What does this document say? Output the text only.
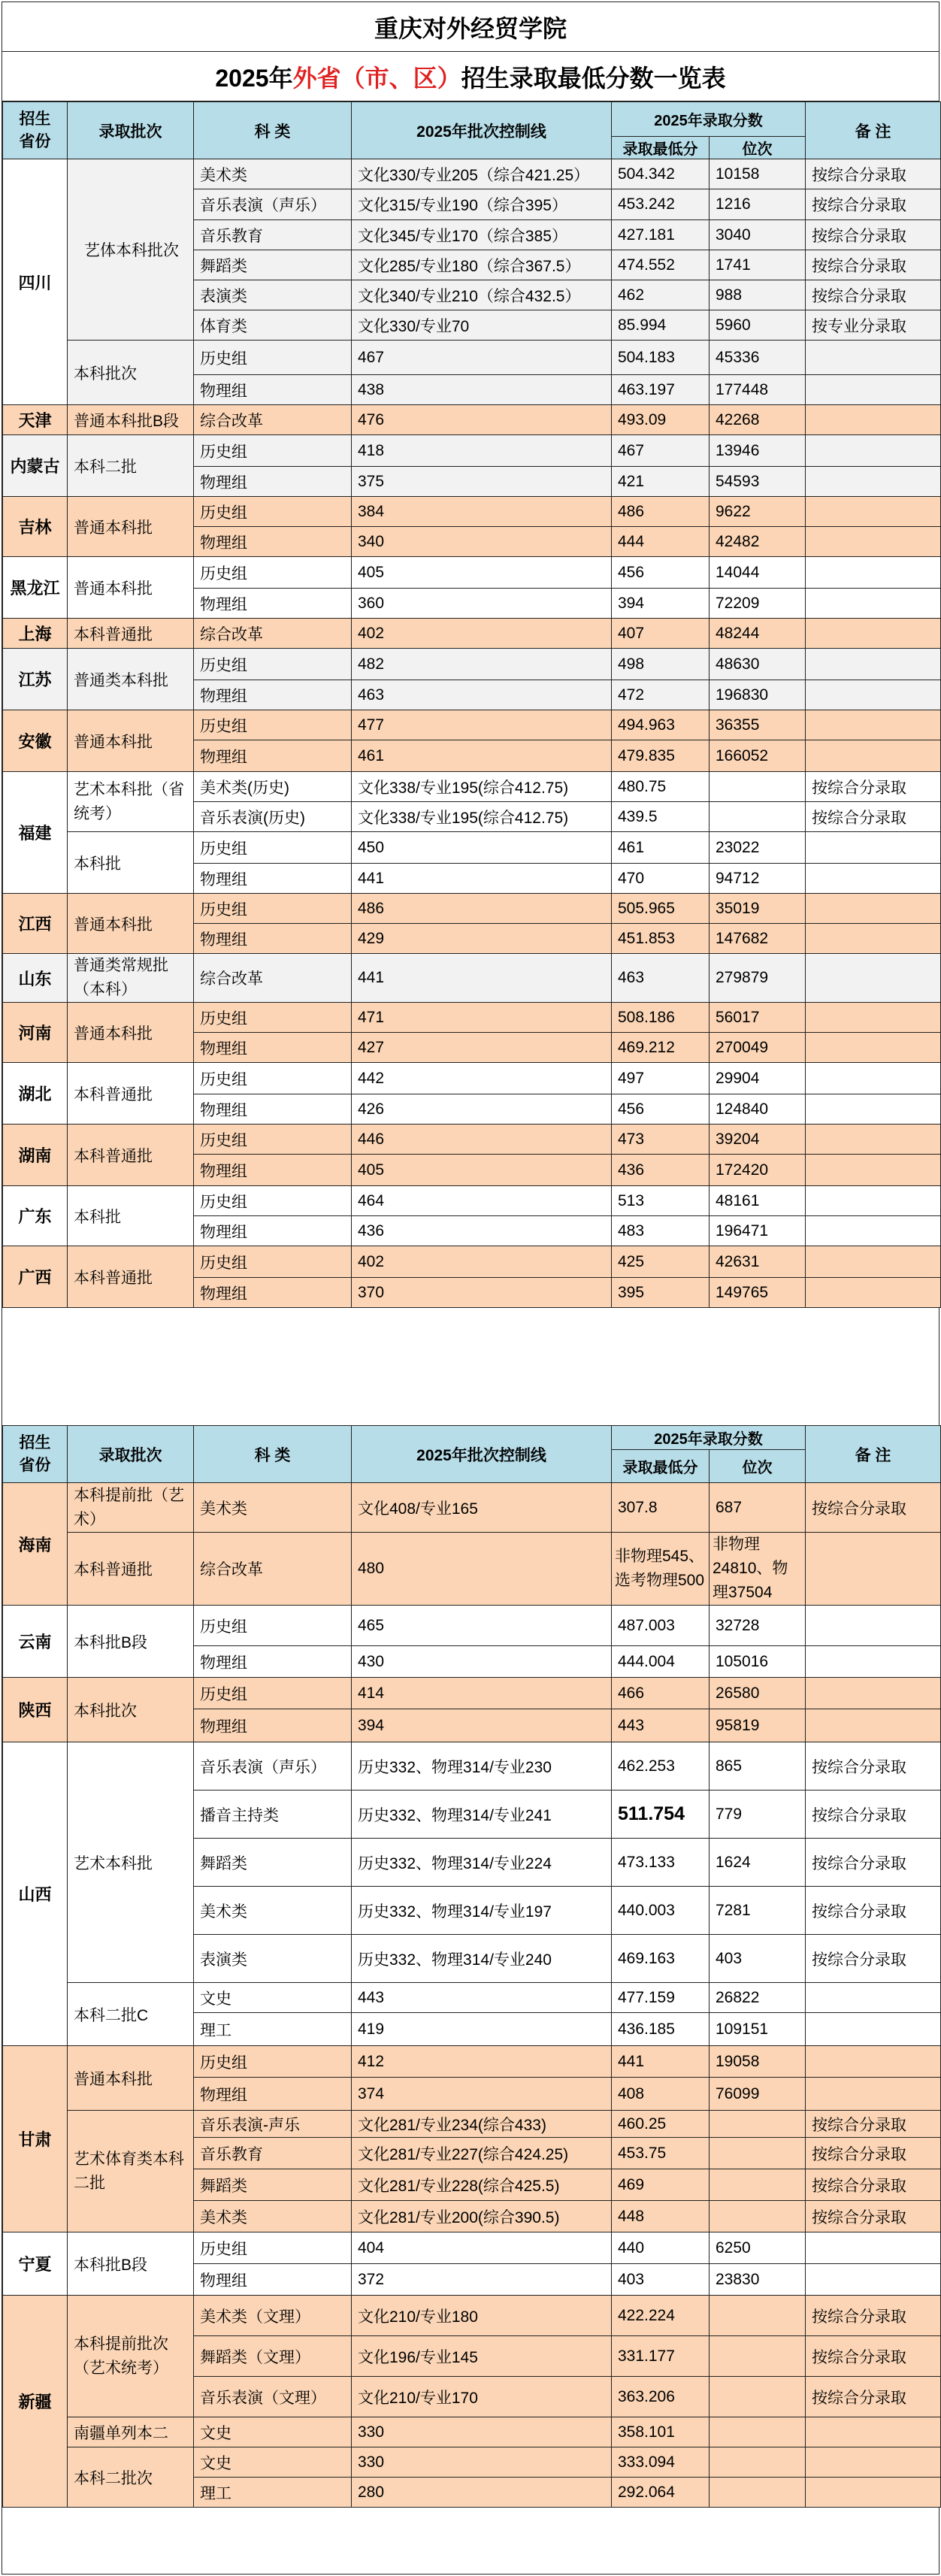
重庆对外经贸学院
2025年 外省（市、区） 招生录取最低分数一览表
招生
省份	录取批次	科 类	2025年批次控制线	2025年录取分数		备 注
				录取最低分	位次	
四川	艺体本科批次	美术类	文化330/专业205（综合421.25）	504.342	10158	按综合分录取
		音乐表演（声乐）	文化315/专业190（综合395）	453.242	1216	按综合分录取
		音乐教育	文化345/专业170（综合385）	427.181	3040	按综合分录取
		舞蹈类	文化285/专业180（综合367.5）	474.552	1741	按综合分录取
		表演类	文化340/专业210（综合432.5）	462	988	按综合分录取
		体育类	文化330/专业70	85.994	5960	按专业分录取
	本科批次	历史组	467	504.183	45336	
		物理组	438	463.197	177448	
天津	普通本科批B段	综合改革	476	493.09	42268	
内蒙古	本科二批	历史组	418	467	13946	
		物理组	375	421	54593	
吉林	普通本科批	历史组	384	486	9622	
		物理组	340	444	42482	
黑龙江	普通本科批	历史组	405	456	14044	
		物理组	360	394	72209	
上海	本科普通批	综合改革	402	407	48244	
江苏	普通类本科批	历史组	482	498	48630	
		物理组	463	472	196830	
安徽	普通本科批	历史组	477	494.963	36355	
		物理组	461	479.835	166052	
福建	艺术本科批（省统考）	美术类(历史)	文化338/专业195(综合412.75)	480.75		按综合分录取
		音乐表演(历史)	文化338/专业195(综合412.75)	439.5		按综合分录取
	本科批	历史组	450	461	23022	
		物理组	441	470	94712	
江西	普通本科批	历史组	486	505.965	35019	
		物理组	429	451.853	147682	
山东	普通类常规批（本科）	综合改革	441	463	279879	
河南	普通本科批	历史组	471	508.186	56017	
		物理组	427	469.212	270049	
湖北	本科普通批	历史组	442	497	29904	
		物理组	426	456	124840	
湖南	本科普通批	历史组	446	473	39204	
		物理组	405	436	172420	
广东	本科批	历史组	464	513	48161	
		物理组	436	483	196471	
广西	本科普通批	历史组	402	425	42631	
		物理组	370	395	149765	
招生
省份	录取批次	科 类	2025年批次控制线	2025年录取分数		备 注
				录取最低分	位次	
海南	本科提前批（艺术）	美术类	文化408/专业165	307.8	687	按综合分录取
	本科普通批	综合改革	480	非物理545、选考物理500	非物理24810、物理37504	
云南	本科批B段	历史组	465	487.003	32728	
		物理组	430	444.004	105016	
陕西	本科批次	历史组	414	466	26580	
		物理组	394	443	95819	
山西	艺术本科批	音乐表演（声乐）	历史332、物理314/专业230	462.253	865	按综合分录取
		播音主持类	历史332、物理314/专业241	511.754	779	按综合分录取
		舞蹈类	历史332、物理314/专业224	473.133	1624	按综合分录取
		美术类	历史332、物理314/专业197	440.003	7281	按综合分录取
		表演类	历史332、物理314/专业240	469.163	403	按综合分录取
	本科二批C	文史	443	477.159	26822	
		理工	419	436.185	109151	
甘肃	普通本科批	历史组	412	441	19058	
		物理组	374	408	76099	
	艺术体育类本科二批	音乐表演-声乐	文化281/专业234(综合433)	460.25		按综合分录取
		音乐教育	文化281/专业227(综合424.25)	453.75		按综合分录取
		舞蹈类	文化281/专业228(综合425.5)	469		按综合分录取
		美术类	文化281/专业200(综合390.5)	448		按综合分录取
宁夏	本科批B段	历史组	404	440	6250	
		物理组	372	403	23830	
新疆	本科提前批次（艺术统考）	美术类（文理）	文化210/专业180	422.224		按综合分录取
		舞蹈类（文理）	文化196/专业145	331.177		按综合分录取
		音乐表演（文理）	文化210/专业170	363.206		按综合分录取
	南疆单列本二	文史	330	358.101		
	本科二批次	文史	330	333.094		
		理工	280	292.064		
